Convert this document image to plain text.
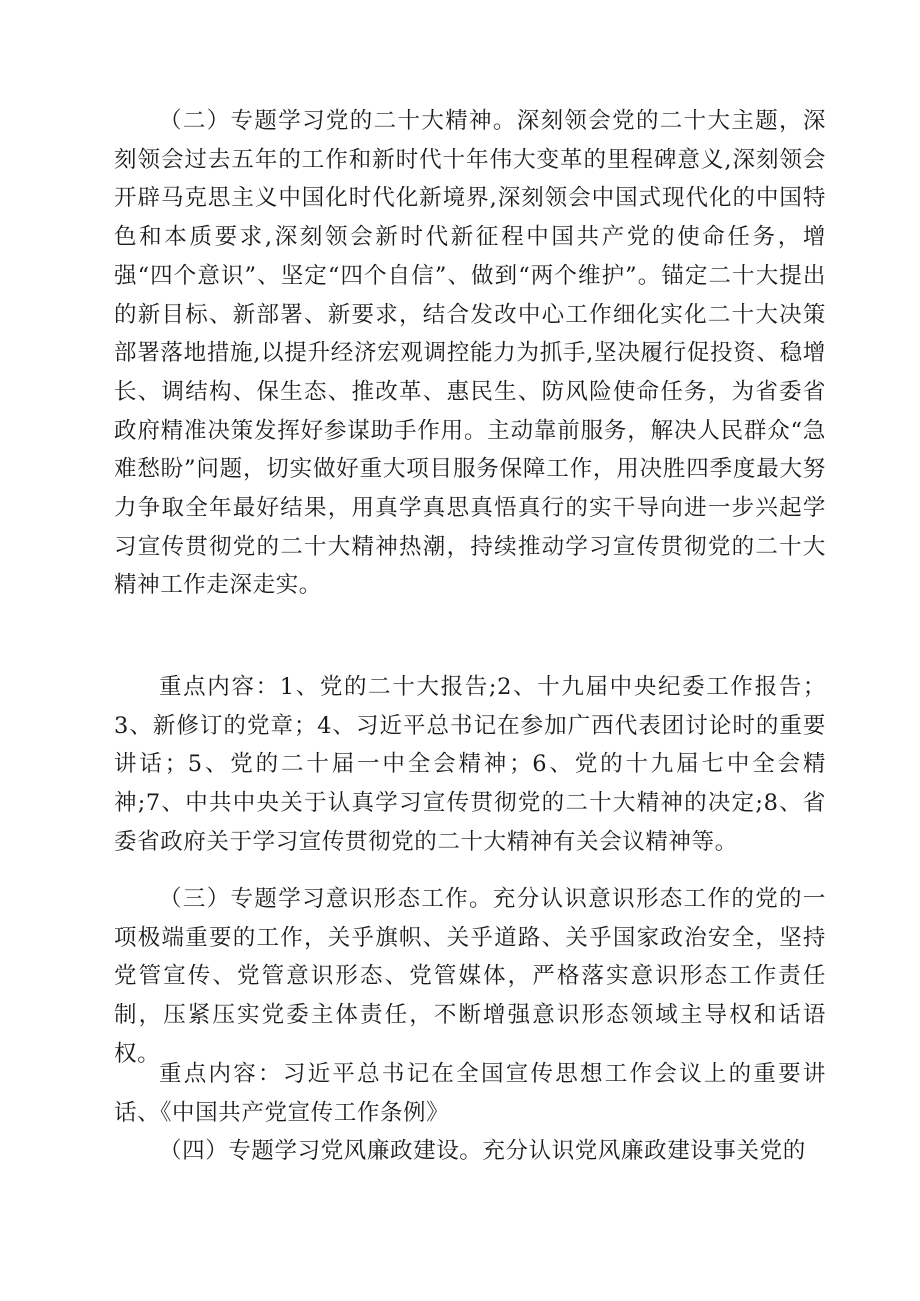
（二）专题学习党的二十大精神。深刻领会党的二十大主题，深刻领会过去五年的工作和新时代十年伟大变革的里程碑意义,深刻领会开辟马克思主义中国化时代化新境界,深刻领会中国式现代化的中国特色和本质要求,深刻领会新时代新征程中国共产党的使命任务，增强“四个意识”、坚定“四个自信”、做到“两个维护”。锚定二十大提出的新目标、新部署、新要求，结合发改中心工作细化实化二十大决策部署落地措施,以提升经济宏观调控能力为抓手,坚决履行促投资、稳增长、调结构、保生态、推改革、惠民生、防风险使命任务，为省委省政府精准决策发挥好参谋助手作用。主动靠前服务，解决人民群众“急难愁盼”问题，切实做好重大项目服务保障工作，用决胜四季度最大努力争取全年最好结果，用真学真思真悟真行的实干导向进一步兴起学习宣传贯彻党的二十大精神热潮，持续推动学习宣传贯彻党的二十大精神工作走深走实。

重点内容：1、党的二十大报告;2、十九届中央纪委工作报告；3、新修订的党章；4、习近平总书记在参加广西代表团讨论时的重要讲话；5、党的二十届一中全会精神；6、党的十九届七中全会精神;7、中共中央关于认真学习宣传贯彻党的二十大精神的决定;8、省委省政府关于学习宣传贯彻党的二十大精神有关会议精神等。

（三）专题学习意识形态工作。充分认识意识形态工作的党的一项极端重要的工作，关乎旗帜、关乎道路、关乎国家政治安全，坚持党管宣传、党管意识形态、党管媒体，严格落实意识形态工作责任制，压紧压实党委主体责任，不断增强意识形态领域主导权和话语权。

重点内容：习近平总书记在全国宣传思想工作会议上的重要讲话、《中国共产党宣传工作条例》

（四）专题学习党风廉政建设。充分认识党风廉政建设事关党的
